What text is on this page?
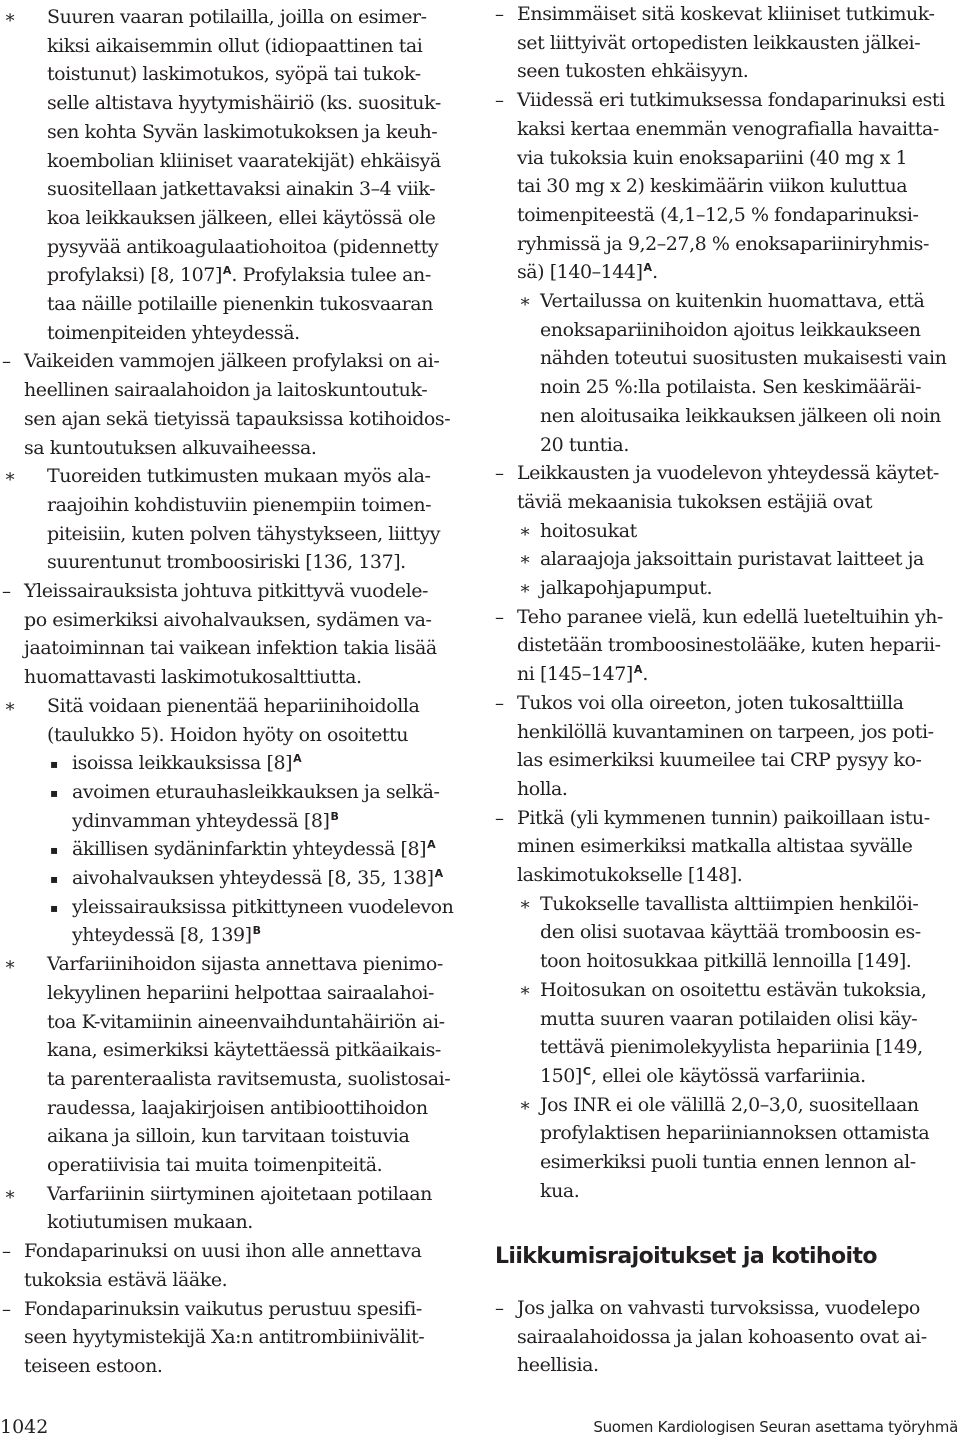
∗ Suuren vaaran potilailla, joilla on esimer-
kiksi aikaisemmin ollut (idiopaattinen tai
toistunut) laskimotukos, syöpä tai tukok-
selle altistava hyytymishäiriö (ks. suosituk-
sen kohta Syvän laskimotukoksen ja keuh-
koembolian kliiniset vaaratekijät) ehkäisyä
suositellaan jatkettavaksi ainakin 3–4 viik-
koa leikkauksen jälkeen, ellei käytössä ole
pysyvää antikoagulaatiohoitoa (pidennetty
profylaksi) [8, 107]$^A$. Profylaksia tulee an-
taa näille potilaille pienenkin tukosvaaran
toimenpiteiden yhteydessä.
– Vaikeiden vammojen jälkeen profylaksi on ai-
heellinen sairaalahoidon ja laitoskuntoutuk-
sen ajan sekä tietyissä tapauksissa kotihoidos-
sa kuntoutuksen alkuvaiheessa.
∗ Tuoreiden tutkimusten mukaan myös ala-
raajoihin kohdistuviin pienempiin toimen-
piteisiin, kuten polven tähystykseen, liittyy
suurentunut tromboosiriski [136, 137].
– Yleissairauksista johtuva pitkittyvä vuodele-
po esimerkiksi aivohalvauksen, sydämen va-
jaatoiminnan tai vaikean infektion takia lisää
huomattavasti laskimotukosalttiutta.
∗ Sitä voidaan pienentää hepariinihoidolla
(taulukko 5). Hoidon hyöty on osoitettu
▪ isoissa leikkauksissa $[8]^A$
▪ avoimen eturauhasleikkauksen ja selkä-
ydinvamman yhteydessä $[8]^B$
▪ äkillisen sydäninfarktin yhteydessä $[8]^A$
▪ aivohalvauksen yhteydessä [8, 35, 138]$^A$
▪ yleissairauksissa pitkittyneen vuodelevon
yhteydessä [8, 139]$^B$
∗ Varfariinihoidon sijasta annettava pienimo-
lekyylinen hepariini helpottaa sairaalahoi-
toa K-vitamiinin aineenvaihduntahäiriön ai-
kana, esimerkiksi käytettäessä pitkäaikais-
ta parenteraalista ravitsemusta, suolistosai-
raudessa, laajakirjoisen antibioottihoidon
aikana ja silloin, kun tarvitaan toistuvia
operatiivisia tai muita toimenpiteitä.
∗ Varfariinin siirtyminen ajoitetaan potilaan
kotiutumisen mukaan.
– Fondaparinuksi on uusi ihon alle annettava
tukoksia estävä lääke.
– Fondaparinuksin vaikutus perustuu spesifi-
seen hyytymistekijä Xa:n antitrombiinivälit-
teiseen estoon.
– Ensimmäiset sitä koskevat kliiniset tutkimuk-
set liittyivät ortopedisten leikkausten jälkei-
seen tukosten ehkäisyyn.
– Viidessä eri tutkimuksessa fondaparinuksi esti
kaksi kertaa enemmän venografialla havaitta-
via tukoksia kuin enoksapariini (40 mg x 1
tai 30 mg x 2) keskimäärin viikon kuluttua
toimenpiteestä (4,1–12,5 % fondaparinuksi-
ryhmissä ja 9,2–27,8 % enoksapariiniryhmis-
sä) $[140-144]^A$.
∗ Vertailussa on kuitenkin huomattava, että
enoksapariinihoidon ajoitus leikkaukseen
nähden toteutui suositusten mukaisesti vain
noin 25 %:lla potilaista. Sen keskimääräi-
nen aloitusaika leikkauksen jälkeen oli noin
20 tuntia.
– Leikkausten ja vuodelevon yhteydessä käytet-
täviä mekaanisia tukoksen estäjiä ovat
∗ hoitosukat
∗ alaraajoja jaksoittain puristavat laitteet ja
∗ jalkapohjapumput.
– Teho paranee vielä, kun edellä lueteltuihin yh-
distetään tromboosinestolääke, kuten heparii-
ni $[145-147]^A$.
– Tukos voi olla oireeton, joten tukosalttiilla
henkilöllä kuvantaminen on tarpeen, jos poti-
las esimerkiksi kuumeilee tai CRP pysyy ko-
holla.
– Pitkä (yli kymmenen tunnin) paikoillaan istu-
minen esimerkiksi matkalla altistaa syvälle
laskimotukokselle [148].
∗ Tukokselle tavallista alttiimpien henkilöi-
den olisi suotavaa käyttää tromboosin es-
toon hoitosukkaa pitkillä lennoilla [149].
∗ Hoitosukan on osoitettu estävän tukoksia,
mutta suuren vaaran potilaiden olisi käy-
tettävä pienimolekyylista hepariinia [149,
150]$^C$, ellei ole käytössä varfariinia.
∗ Jos INR ei ole välillä 2,0–3,0, suositellaan
profylaktisen hepariiniannoksen ottamista
esimerkiksi puoli tuntia ennen lennon al-
kua.
– Jos jalka on vahvasti turvoksissa, vuodelepo
sairaalahoidossa ja jalan kohoasento ovat ai-
heellisia.
Liikkumisrajoitukset ja kotihoito
1042	Suomen Kardiologisen Seuran asettama työryhmä
